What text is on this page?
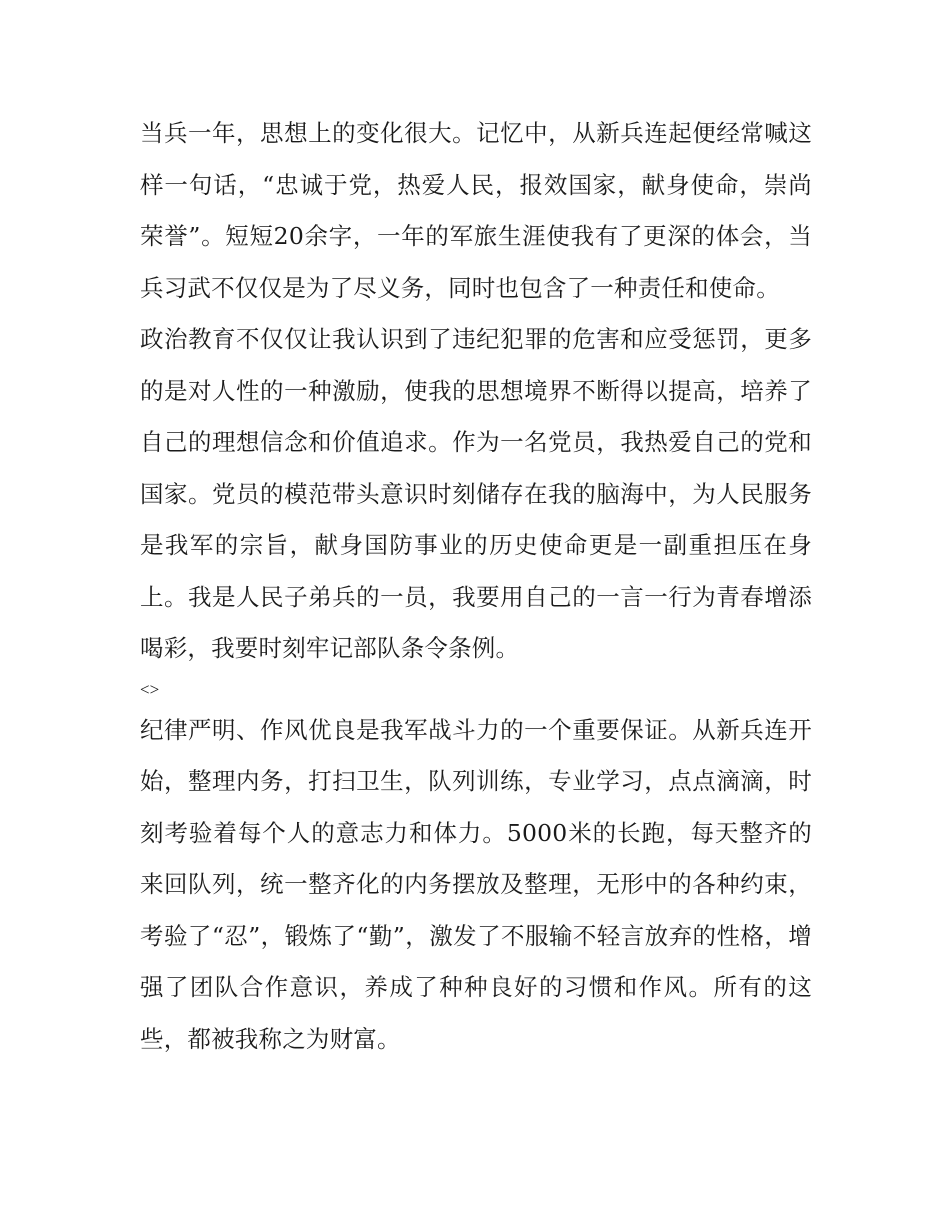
当兵一年，思想上的变化很大。记忆中，从新兵连起便经常喊这样一句话，“忠诚于党，热爱人民，报效国家，献身使命，崇尚荣誉”。短短20余字，一年的军旅生涯使我有了更深的体会，当兵习武不仅仅是为了尽义务，同时也包含了一种责任和使命。

政治教育不仅仅让我认识到了违纪犯罪的危害和应受惩罚，更多的是对人性的一种激励，使我的思想境界不断得以提高，培养了自己的理想信念和价值追求。作为一名党员，我热爱自己的党和国家。党员的模范带头意识时刻储存在我的脑海中，为人民服务是我军的宗旨，献身国防事业的历史使命更是一副重担压在身上。我是人民子弟兵的一员，我要用自己的一言一行为青春增添喝彩，我要时刻牢记部队条令条例。

<>

纪律严明、作风优良是我军战斗力的一个重要保证。从新兵连开始，整理内务，打扫卫生，队列训练，专业学习，点点滴滴，时刻考验着每个人的意志力和体力。5000米的长跑，每天整齐的来回队列，统一整齐化的内务摆放及整理，无形中的各种约束，考验了“忍”，锻炼了“勤”，激发了不服输不轻言放弃的性格，增强了团队合作意识，养成了种种良好的习惯和作风。所有的这些，都被我称之为财富。
